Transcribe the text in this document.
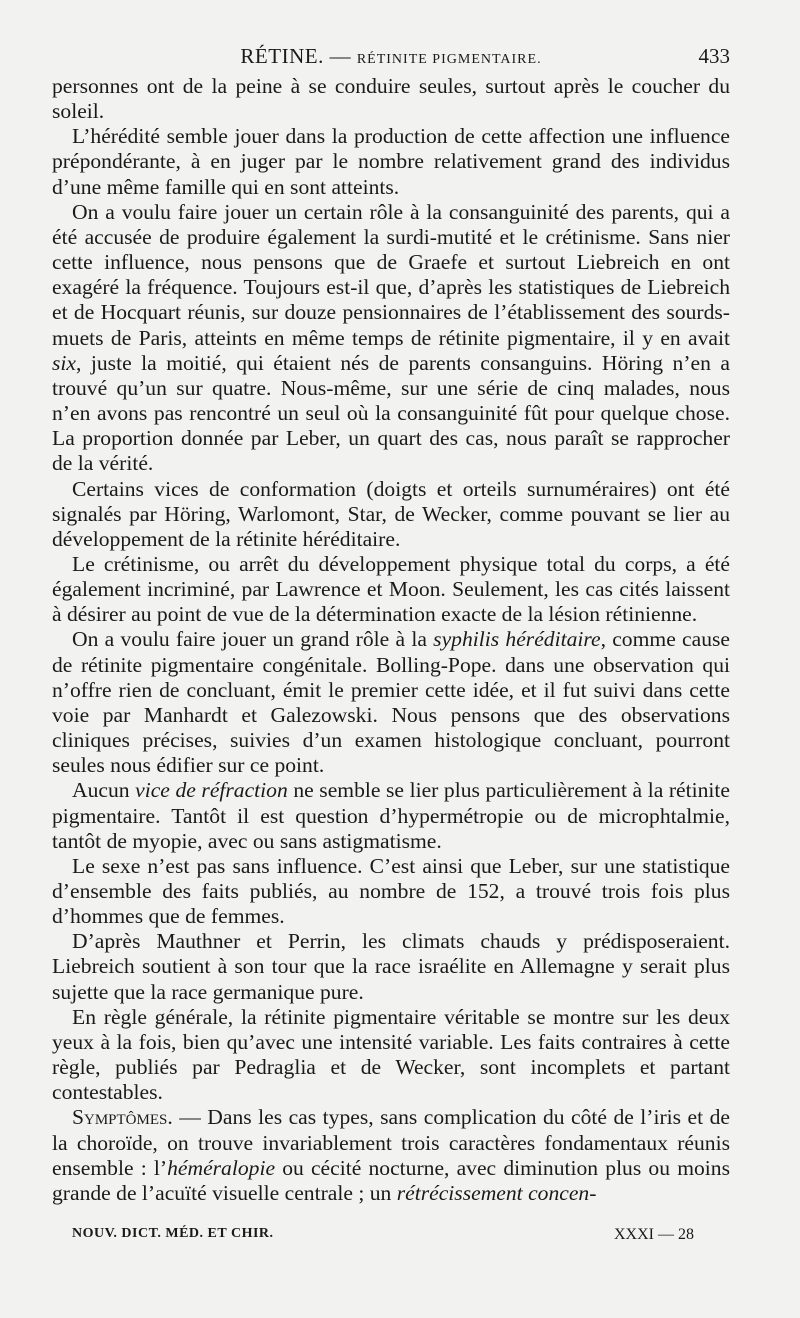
RÉTINE. — RÉTINITE PIGMENTAIRE.	433

personnes ont de la peine à se conduire seules, surtout après le coucher du soleil.

L’hérédité semble jouer dans la production de cette affection une influence prépondérante, à en juger par le nombre relativement grand des individus d’une même famille qui en sont atteints.

On a voulu faire jouer un certain rôle à la consanguinité des parents, qui a été accusée de produire également la surdi-mutité et le crétinisme. Sans nier cette influence, nous pensons que de Graefe et surtout Liebreich en ont exagéré la fréquence. Toujours est-il que, d’après les statistiques de Liebreich et de Hocquart réunis, sur douze pensionnaires de l’établissement des sourds-muets de Paris, atteints en même temps de rétinite pigmentaire, il y en avait six, juste la moitié, qui étaient nés de parents consanguins. Höring n’en a trouvé qu’un sur quatre. Nous-même, sur une série de cinq malades, nous n’en avons pas rencontré un seul où la consanguinité fût pour quelque chose. La proportion donnée par Leber, un quart des cas, nous paraît se rapprocher de la vérité.

Certains vices de conformation (doigts et orteils surnuméraires) ont été signalés par Höring, Warlomont, Star, de Wecker, comme pouvant se lier au développement de la rétinite héréditaire.

Le crétinisme, ou arrêt du développement physique total du corps, a été également incriminé, par Lawrence et Moon. Seulement, les cas cités laissent à désirer au point de vue de la détermination exacte de la lésion rétinienne.

On a voulu faire jouer un grand rôle à la syphilis héréditaire, comme cause de rétinite pigmentaire congénitale. Bolling-Pope. dans une observation qui n’offre rien de concluant, émit le premier cette idée, et il fut suivi dans cette voie par Manhardt et Galezowski. Nous pensons que des observations cliniques précises, suivies d’un examen histologique concluant, pourront seules nous édifier sur ce point.

Aucun vice de réfraction ne semble se lier plus particulièrement à la rétinite pigmentaire. Tantôt il est question d’hypermétropie ou de microphtalmie, tantôt de myopie, avec ou sans astigmatisme.

Le sexe n’est pas sans influence. C’est ainsi que Leber, sur une statistique d’ensemble des faits publiés, au nombre de 152, a trouvé trois fois plus d’hommes que de femmes.

D’après Mauthner et Perrin, les climats chauds y prédisposeraient. Liebreich soutient à son tour que la race israélite en Allemagne y serait plus sujette que la race germanique pure.

En règle générale, la rétinite pigmentaire véritable se montre sur les deux yeux à la fois, bien qu’avec une intensité variable. Les faits contraires à cette règle, publiés par Pedraglia et de Wecker, sont incomplets et partant contestables.

Symptômes. — Dans les cas types, sans complication du côté de l’iris et de la choroïde, on trouve invariablement trois caractères fondamentaux réunis ensemble : l’héméralopie ou cécité nocturne, avec diminution plus ou moins grande de l’acuïté visuelle centrale ; un rétrécissement concen-

NOUV. DICT. MÉD. ET CHIR.	XXXI — 28
